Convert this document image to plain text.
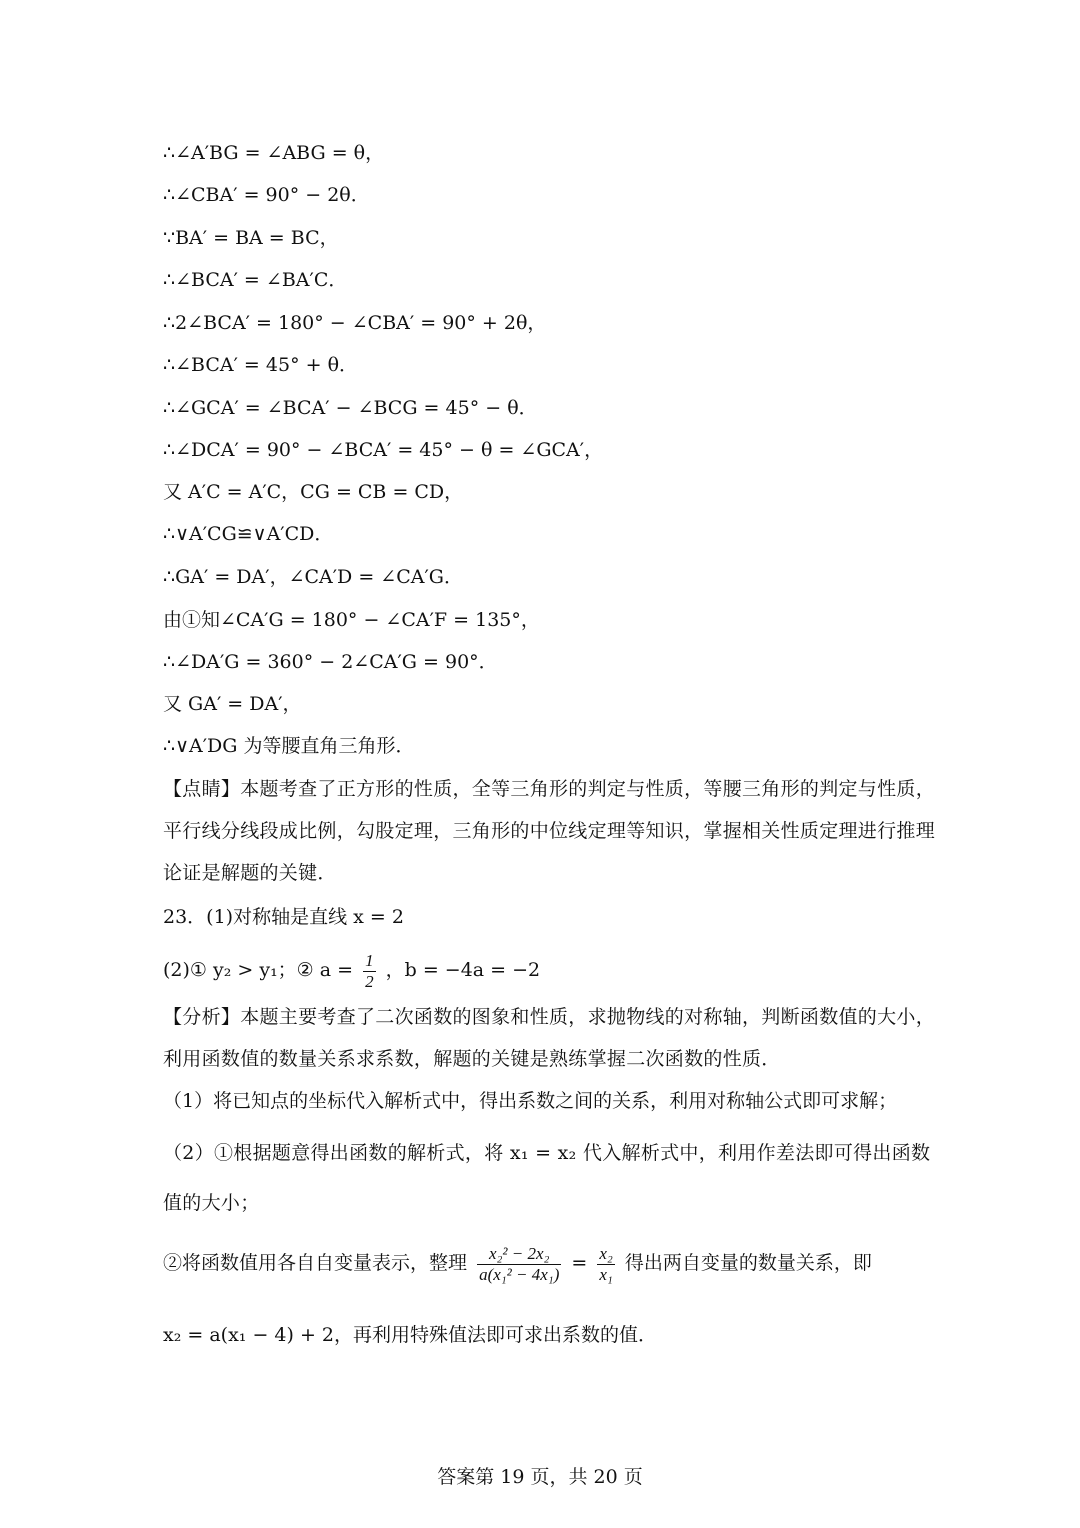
∴∠A′BG = ∠ABG = θ，
∴∠CBA′ = 90° − 2θ．
∵BA′ = BA = BC，
∴∠BCA′ = ∠BA′C．
∴2∠BCA′ = 180° − ∠CBA′ = 90° + 2θ，
∴∠BCA′ = 45° + θ．
∴∠GCA′ = ∠BCA′ − ∠BCG = 45° − θ．
∴∠DCA′ = 90° − ∠BCA′ = 45° − θ = ∠GCA′，
又 A′C = A′C，CG = CB = CD，
∴∨A′CG≌∨A′CD．
∴GA′ = DA′，∠CA′D = ∠CA′G．
由①知∠CA′G = 180° − ∠CA′F = 135°，
∴∠DA′G = 360° − 2∠CA′G = 90°．
又 GA′ = DA′，
∴∨A′DG 为等腰直角三角形．
【点睛】本题考查了正方形的性质，全等三角形的判定与性质，等腰三角形的判定与性质，平行线分线段成比例，勾股定理，三角形的中位线定理等知识，掌握相关性质定理进行推理论证是解题的关键．
23．(1)对称轴是直线 x = 2
(2)① y₂ > y₁；② $a = \frac{1}{2}$ ，b = −4a = −2
【分析】本题主要考查了二次函数的图象和性质，求抛物线的对称轴，判断函数值的大小，利用函数值的数量关系求系数，解题的关键是熟练掌握二次函数的性质．
（1）将已知点的坐标代入解析式中，得出系数之间的关系，利用对称轴公式即可求解；
（2）①根据题意得出函数的解析式，将 x₁ = x₂ 代入解析式中，利用作差法即可得出函数值的大小；
②将函数值用各自自变量表示，整理 $\frac{\text{x₂² − 2x₂}}{\text{a(x₁² − 4x₁)}} = \frac{\text{x₂}}{\text{x₁}}$ 得出两自变量的数量关系，即
x₂ = a(x₁ − 4) + 2，再利用特殊值法即可求出系数的值．
答案第 19 页，共 20 页
